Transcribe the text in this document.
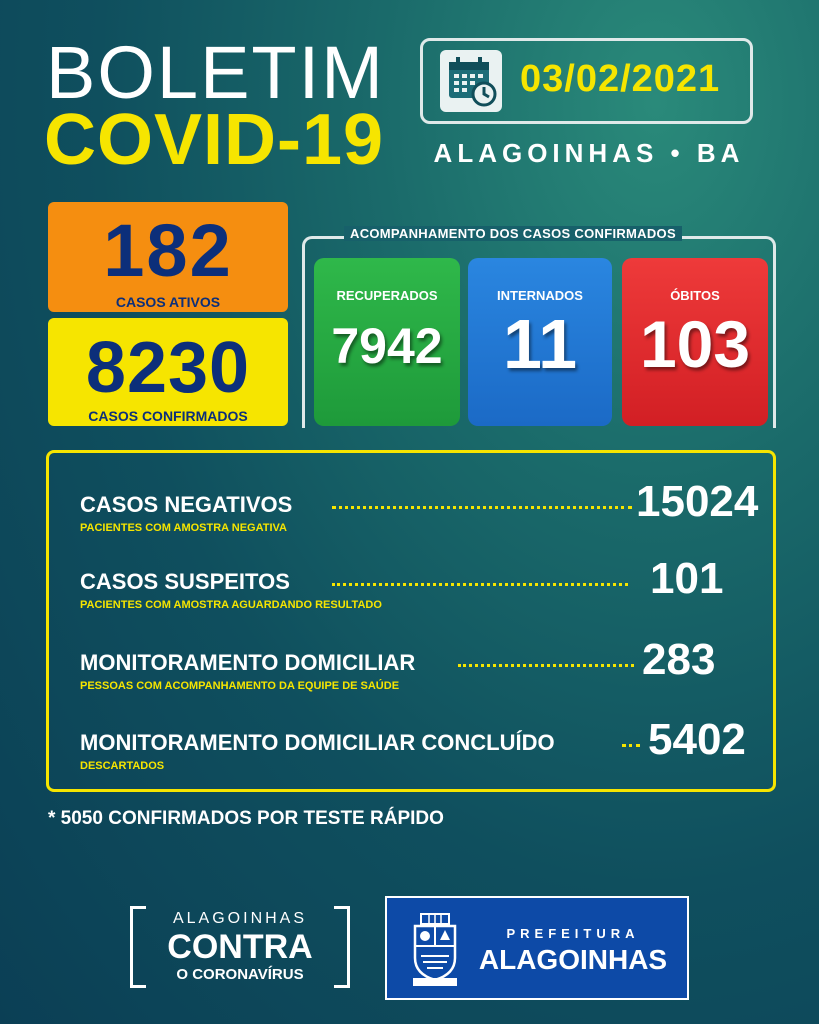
BOLETIM
COVID-19
03/02/2021
ALAGOINHAS • BA
182
CASOS ATIVOS
8230
CASOS CONFIRMADOS
ACOMPANHAMENTO DOS CASOS CONFIRMADOS
RECUPERADOS
7942
INTERNADOS
11
ÓBITOS
103
CASOS NEGATIVOS
PACIENTES COM AMOSTRA NEGATIVA
15024
CASOS SUSPEITOS
PACIENTES COM AMOSTRA AGUARDANDO RESULTADO
101
MONITORAMENTO DOMICILIAR
PESSOAS COM ACOMPANHAMENTO DA EQUIPE DE SAÚDE
283
MONITORAMENTO DOMICILIAR CONCLUÍDO
DESCARTADOS
5402
* 5050 CONFIRMADOS POR TESTE RÁPIDO
ALAGOINHAS
CONTRA
O CORONAVÍRUS
PREFEITURA
ALAGOINHAS
